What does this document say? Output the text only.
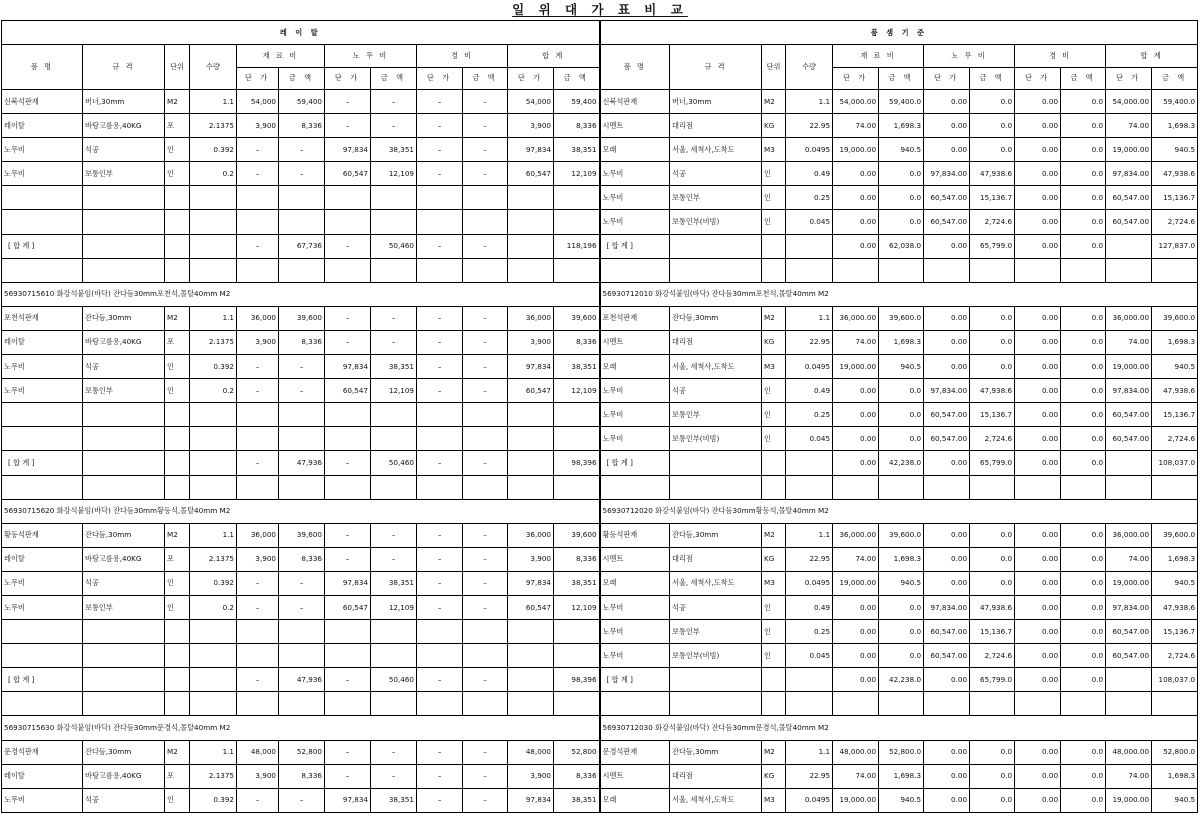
일 위 대 가 표 비 교
레 이 탈												품 셈 기 준											
품 명	규 격	단위	수량	재 료 비		노 무 비		경 비		합 계		품 명	규 격	단위	수량	재 료 비		노 무 비		경 비		합 계	
				단 가	금 액	단 가	금 액	단 가	금 액	단 가	금 액					단 가	금 액	단 가	금 액	단 가	금 액	단 가	금 액
신북석판재	버너,30mm	M2	1.1	54,000	59,400	–	–	–	–	54,000	59,400	신북석판재	버너,30mm	M2	1.1	54,000.00	59,400.0	0.00	0.0	0.00	0.0	54,000.00	59,400.0
레이탈	바탕고름용,40KG	포	2.1375	3,900	8,336	–	–	–	–	3,900	8,336	시멘트	대리점	KG	22.95	74.00	1,698.3	0.00	0.0	0.00	0.0	74.00	1,698.3
노무비	석공	인	0.392	–	–	97,834	38,351	–	–	97,834	38,351	모래	서울, 세척사,도착도	M3	0.0495	19,000.00	940.5	0.00	0.0	0.00	0.0	19,000.00	940.5
노무비	보통인부	인	0.2	–	–	60,547	12,109	–	–	60,547	12,109	노무비	석공	인	0.49	0.00	0.0	97,834.00	47,938.6	0.00	0.0	97,834.00	47,938.6
												노무비	보통인부	인	0.25	0.00	0.0	60,547.00	15,136.7	0.00	0.0	60,547.00	15,136.7
												노무비	보통인부(비빔)	인	0.045	0.00	0.0	60,547.00	2,724.6	0.00	0.0	60,547.00	2,724.6
[ 합 계 ]				–	67,736	–	50,460	–	–		118,196	[ 합 계 ]				0.00	62,038.0	0.00	65,799.0	0.00	0.0		127,837.0

56930715610 화강석붙임(바닥) 잔다듬30mm포천석,몰탈40mm M2												56930712010 화강석붙임(바닥) 잔다듬30mm포천석,몰탈40mm M2											
포천석판재	잔다듬,30mm	M2	1.1	36,000	39,600	–	–	–	–	36,000	39,600	포천석판재	잔다듬,30mm	M2	1.1	36,000.00	39,600.0	0.00	0.0	0.00	0.0	36,000.00	39,600.0
레이탈	바탕고름용,40KG	포	2.1375	3,900	8,336	–	–	–	–	3,900	8,336	시멘트	대리점	KG	22.95	74.00	1,698.3	0.00	0.0	0.00	0.0	74.00	1,698.3
노무비	석공	인	0.392	–	–	97,834	38,351	–	–	97,834	38,351	모래	서울, 세척사,도착도	M3	0.0495	19,000.00	940.5	0.00	0.0	0.00	0.0	19,000.00	940.5
노무비	보통인부	인	0.2	–	–	60,547	12,109	–	–	60,547	12,109	노무비	석공	인	0.49	0.00	0.0	97,834.00	47,938.6	0.00	0.0	97,834.00	47,938.6
												노무비	보통인부	인	0.25	0.00	0.0	60,547.00	15,136.7	0.00	0.0	60,547.00	15,136.7
												노무비	보통인부(비빔)	인	0.045	0.00	0.0	60,547.00	2,724.6	0.00	0.0	60,547.00	2,724.6
[ 합 계 ]				–	47,936	–	50,460	–	–		98,396	[ 합 계 ]				0.00	42,238.0	0.00	65,799.0	0.00	0.0		108,037.0

56930715620 화강석붙임(바닥) 잔다듬30mm황등석,몰탈40mm M2												56930712020 화강석붙임(바닥) 잔다듬30mm황등석,몰탈40mm M2											
황등석판재	잔다듬,30mm	M2	1.1	36,000	39,600	–	–	–	–	36,000	39,600	황등석판재	잔다듬,30mm	M2	1.1	36,000.00	39,600.0	0.00	0.0	0.00	0.0	36,000.00	39,600.0
레이탈	바탕고름용,40KG	포	2.1375	3,900	8,336	–	–	–	–	3,900	8,336	시멘트	대리점	KG	22.95	74.00	1,698.3	0.00	0.0	0.00	0.0	74.00	1,698.3
노무비	석공	인	0.392	–	–	97,834	38,351	–	–	97,834	38,351	모래	서울, 세척사,도착도	M3	0.0495	19,000.00	940.5	0.00	0.0	0.00	0.0	19,000.00	940.5
노무비	보통인부	인	0.2	–	–	60,547	12,109	–	–	60,547	12,109	노무비	석공	인	0.49	0.00	0.0	97,834.00	47,938.6	0.00	0.0	97,834.00	47,938.6
												노무비	보통인부	인	0.25	0.00	0.0	60,547.00	15,136.7	0.00	0.0	60,547.00	15,136.7
												노무비	보통인부(비빔)	인	0.045	0.00	0.0	60,547.00	2,724.6	0.00	0.0	60,547.00	2,724.6
[ 합 계 ]				–	47,936	–	50,460	–	–		98,396	[ 합 계 ]				0.00	42,238.0	0.00	65,799.0	0.00	0.0		108,037.0

56930715630 화강석붙임(바닥) 잔다듬30mm문경석,몰탈40mm M2												56930712030 화강석붙임(바닥) 잔다듬30mm문경석,몰탈40mm M2											
문경석판재	잔다듬,30mm	M2	1.1	48,000	52,800	–	–	–	–	48,000	52,800	문경석판재	잔다듬,30mm	M2	1.1	48,000.00	52,800.0	0.00	0.0	0.00	0.0	48,000.00	52,800.0
레이탈	바탕고름용,40KG	포	2.1375	3,900	8,336	–	–	–	–	3,900	8,336	시멘트	대리점	KG	22.95	74.00	1,698.3	0.00	0.0	0.00	0.0	74.00	1,698.3
노무비	석공	인	0.392	–	–	97,834	38,351	–	–	97,834	38,351	모래	서울, 세척사,도착도	M3	0.0495	19,000.00	940.5	0.00	0.0	0.00	0.0	19,000.00	940.5
